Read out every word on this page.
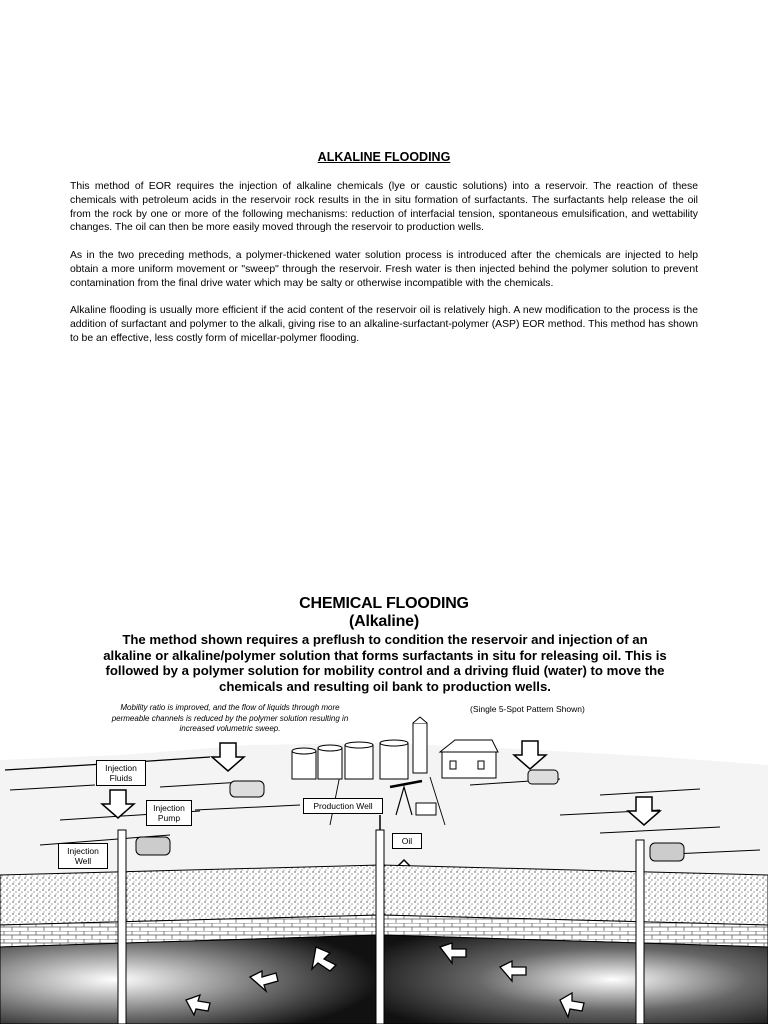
ALKALINE FLOODING

This method of EOR requires the injection of alkaline chemicals (lye or caustic solutions) into a reservoir. The reaction of these chemicals with petroleum acids in the reservoir rock results in the in situ formation of surfactants. The surfactants help release the oil from the rock by one or more of the following mechanisms: reduction of interfacial tension, spontaneous emulsification, and wettability changes. The oil can then be more easily moved through the reservoir to production wells.

As in the two preceding methods, a polymer-thickened water solution process is introduced after the chemicals are injected to help obtain a more uniform movement or "sweep" through the reservoir. Fresh water is then injected behind the polymer solution to prevent contamination from the final drive water which may be salty or otherwise incompatible with the chemicals.

Alkaline flooding is usually more efficient if the acid content of the reservoir oil is relatively high. A new modification to the process is the addition of surfactant and polymer to the alkali, giving rise to an alkaline-surfactant-polymer (ASP) EOR method. This method has shown to be an effective, less costly form of micellar-polymer flooding.

CHEMICAL FLOODING
(Alkaline)

The method shown requires a preflush to condition the reservoir and injection of an alkaline or alkaline/polymer solution that forms surfactants in situ for releasing oil. This is followed by a polymer solution for mobility control and a driving fluid (water) to move the chemicals and resulting oil bank to production wells.

Mobility ratio is improved, and the flow of liquids through more permeable channels is reduced by the polymer solution resulting in increased volumetric sweep.

(Single 5-Spot Pattern Shown)
Injection Fluids
Injection Pump
Injection Well
Production Well
Oil
